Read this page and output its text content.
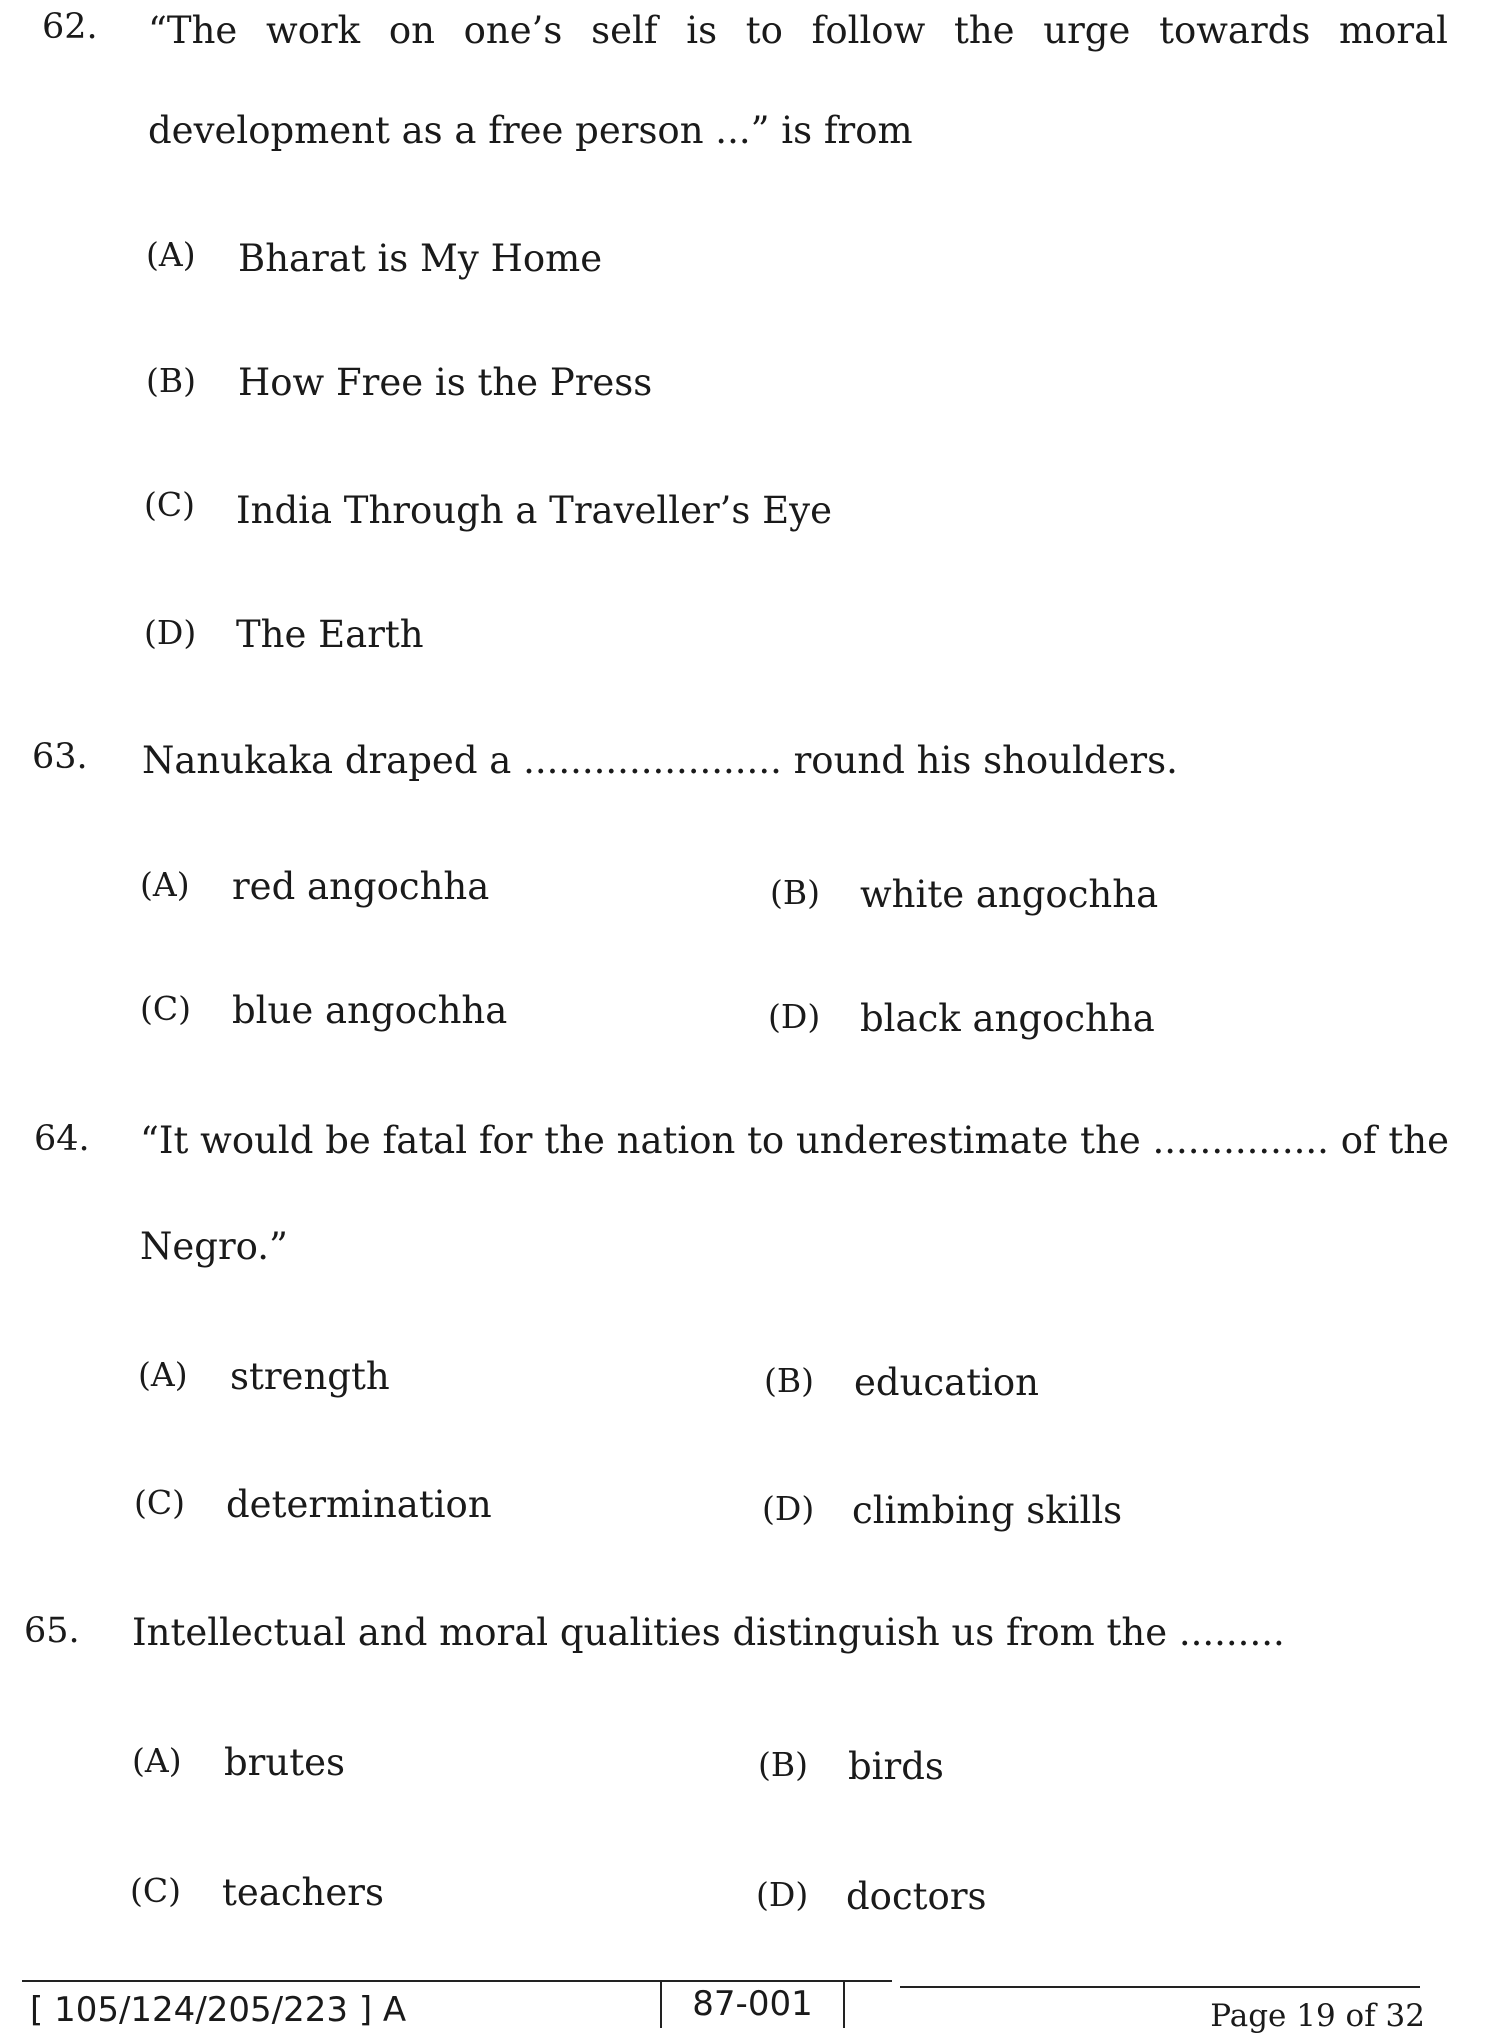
62. “The work on one’s self is to follow the urge towards moral
development as a free person ...” is from
(A) Bharat is My Home
(B) How Free is the Press
(C) India Through a Traveller’s Eye
(D) The Earth
63. Nanukaka draped a ...................... round his shoulders.
(A) red angochha	(B) white angochha
(C) blue angochha	(D) black angochha
64. “It would be fatal for the nation to underestimate the ............... of the
Negro.”
(A) strength	(B) education
(C) determination	(D) climbing skills
65. Intellectual and moral qualities distinguish us from the .........
(A) brutes	(B) birds
(C) teachers	(D) doctors
[ 105/124/205/223 ] A	87-001	Page 19 of 32
